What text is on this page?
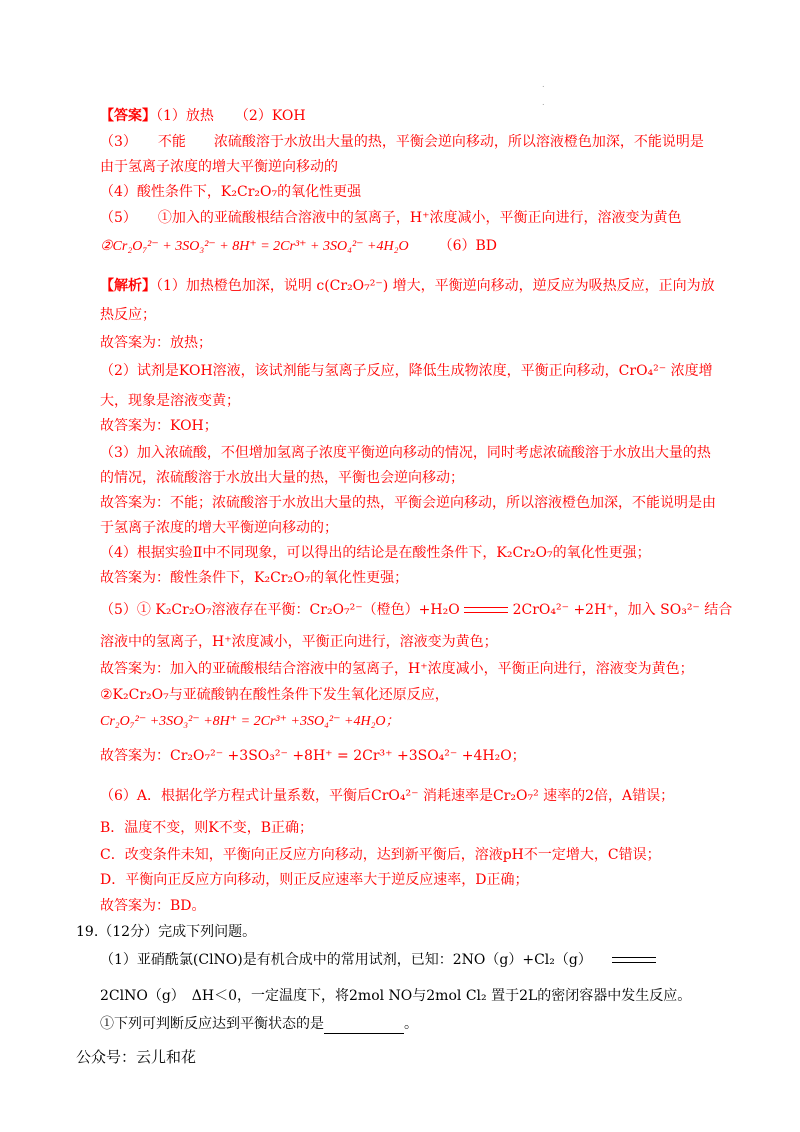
.

.
【答案】（1）放热　　（2）KOH
（3）　　不能　　浓硫酸溶于水放出大量的热，平衡会逆向移动，所以溶液橙色加深，不能说明是
由于氢离子浓度的增大平衡逆向移动的
（4）酸性条件下，K₂Cr₂O₇的氧化性更强
（5）　　①加入的亚硫酸根结合溶液中的氢离子，H⁺浓度减小，平衡正向进行，溶液变为黄色
②Cr₂O₇²⁻ + 3SO₃²⁻ + 8H⁺ = 2Cr³⁺ + 3SO₄²⁻ +4H₂O （6）BD
【解析】（1）加热橙色加深，说明 c(Cr₂O₇²⁻) 增大，平衡逆向移动，逆反应为吸热反应，正向为放
热反应；
故答案为：放热；
（2）试剂是KOH溶液，该试剂能与氢离子反应，降低生成物浓度，平衡正向移动，CrO₄²⁻ 浓度增
大，现象是溶液变黄；
故答案为：KOH；
（3）加入浓硫酸，不但增加氢离子浓度平衡逆向移动的情况，同时考虑浓硫酸溶于水放出大量的热
的情况，浓硫酸溶于水放出大量的热，平衡也会逆向移动；
故答案为：不能；浓硫酸溶于水放出大量的热，平衡会逆向移动，所以溶液橙色加深，不能说明是由
于氢离子浓度的增大平衡逆向移动的；
（4）根据实验Ⅱ中不同现象，可以得出的结论是在酸性条件下，K₂Cr₂O₇的氧化性更强；
故答案为：酸性条件下，K₂Cr₂O₇的氧化性更强；
（5）① K₂Cr₂O₇溶液存在平衡：Cr₂O₇²⁻（橙色）+H₂O	2CrO₄²⁻ +2H⁺，加入 SO₃²⁻ 结合
溶液中的氢离子，H⁺浓度减小，平衡正向进行，溶液变为黄色；
故答案为：加入的亚硫酸根结合溶液中的氢离子，H⁺浓度减小，平衡正向进行，溶液变为黄色；
②K₂Cr₂O₇与亚硫酸钠在酸性条件下发生氧化还原反应，
Cr₂O₇²⁻ +3SO₃²⁻ +8H⁺ = 2Cr³⁺ +3SO₄²⁻ +4H₂O；
故答案为：Cr₂O₇²⁻ +3SO₃²⁻ +8H⁺ = 2Cr³⁺ +3SO₄²⁻ +4H₂O；
（6）A．根据化学方程式计量系数，平衡后CrO₄²⁻ 消耗速率是Cr₂O₇² 速率的2倍，A错误；
B．温度不变，则K不变，B正确；
C．改变条件未知，平衡向正反应方向移动，达到新平衡后，溶液pH不一定增大，C错误；
D．平衡向正反应方向移动，则正反应速率大于逆反应速率，D正确；
故答案为：BD。
19.（12分）完成下列问题。
（1）亚硝酰氯(ClNO)是有机合成中的常用试剂，已知：2NO（g）+Cl₂（g）
2ClNO（g）　ΔH＜0，一定温度下，将2mol NO与2mol Cl₂ 置于2L的密闭容器中发生反应。
①下列可判断反应达到平衡状态的是	。
公众号：云儿和花
